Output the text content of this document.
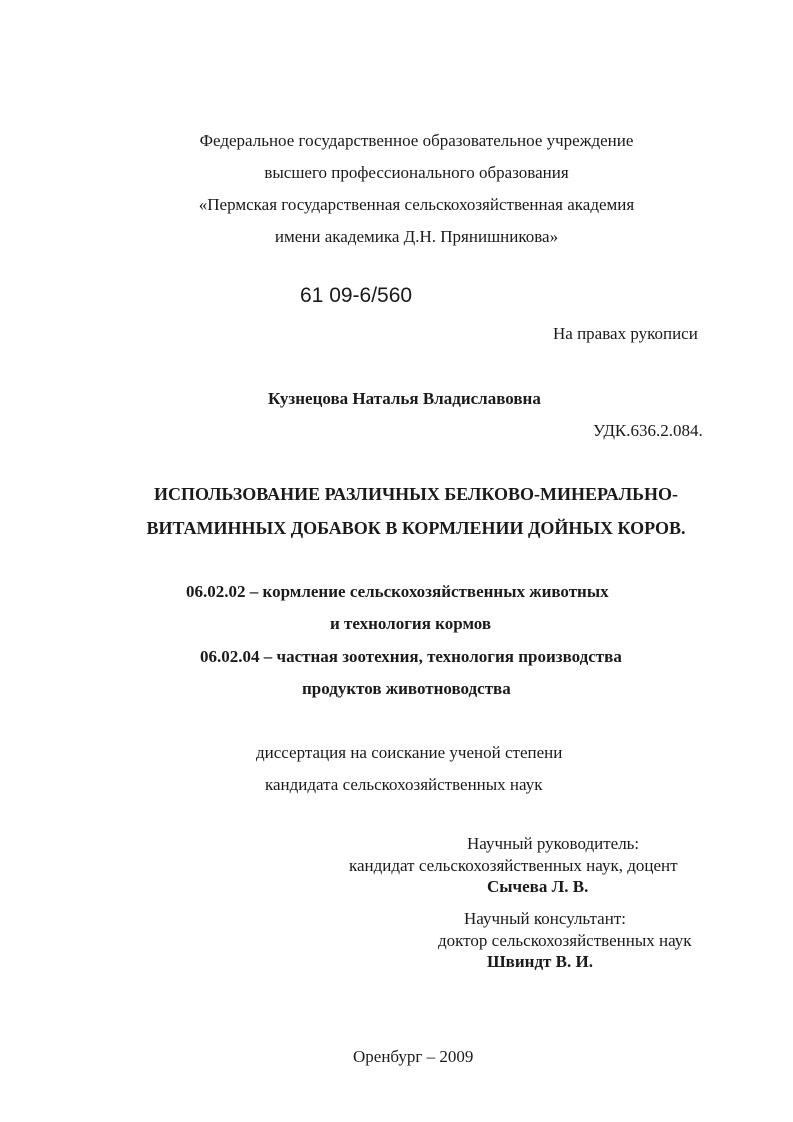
Федеральное государственное образовательное учреждение
высшего профессионального образования
«Пермская государственная сельскохозяйственная академия
имени академика Д.Н. Прянишникова»
61 09-6/560
На правах рукописи
Кузнецова Наталья Владиславовна
УДК.636.2.084.
ИСПОЛЬЗОВАНИЕ РАЗЛИЧНЫХ БЕЛКОВО-МИНЕРАЛЬНО-
ВИТАМИННЫХ ДОБАВОК В КОРМЛЕНИИ ДОЙНЫХ КОРОВ.
06.02.02 – кормление сельскохозяйственных животных
и технология кормов
06.02.04 – частная зоотехния, технология производства
продуктов животноводства
диссертация на соискание ученой степени
кандидата сельскохозяйственных наук
Научный руководитель:
кандидат сельскохозяйственных наук, доцент
Сычева Л. В.
Научный консультант:
доктор сельскохозяйственных наук
Швиндт В. И.
Оренбург – 2009
